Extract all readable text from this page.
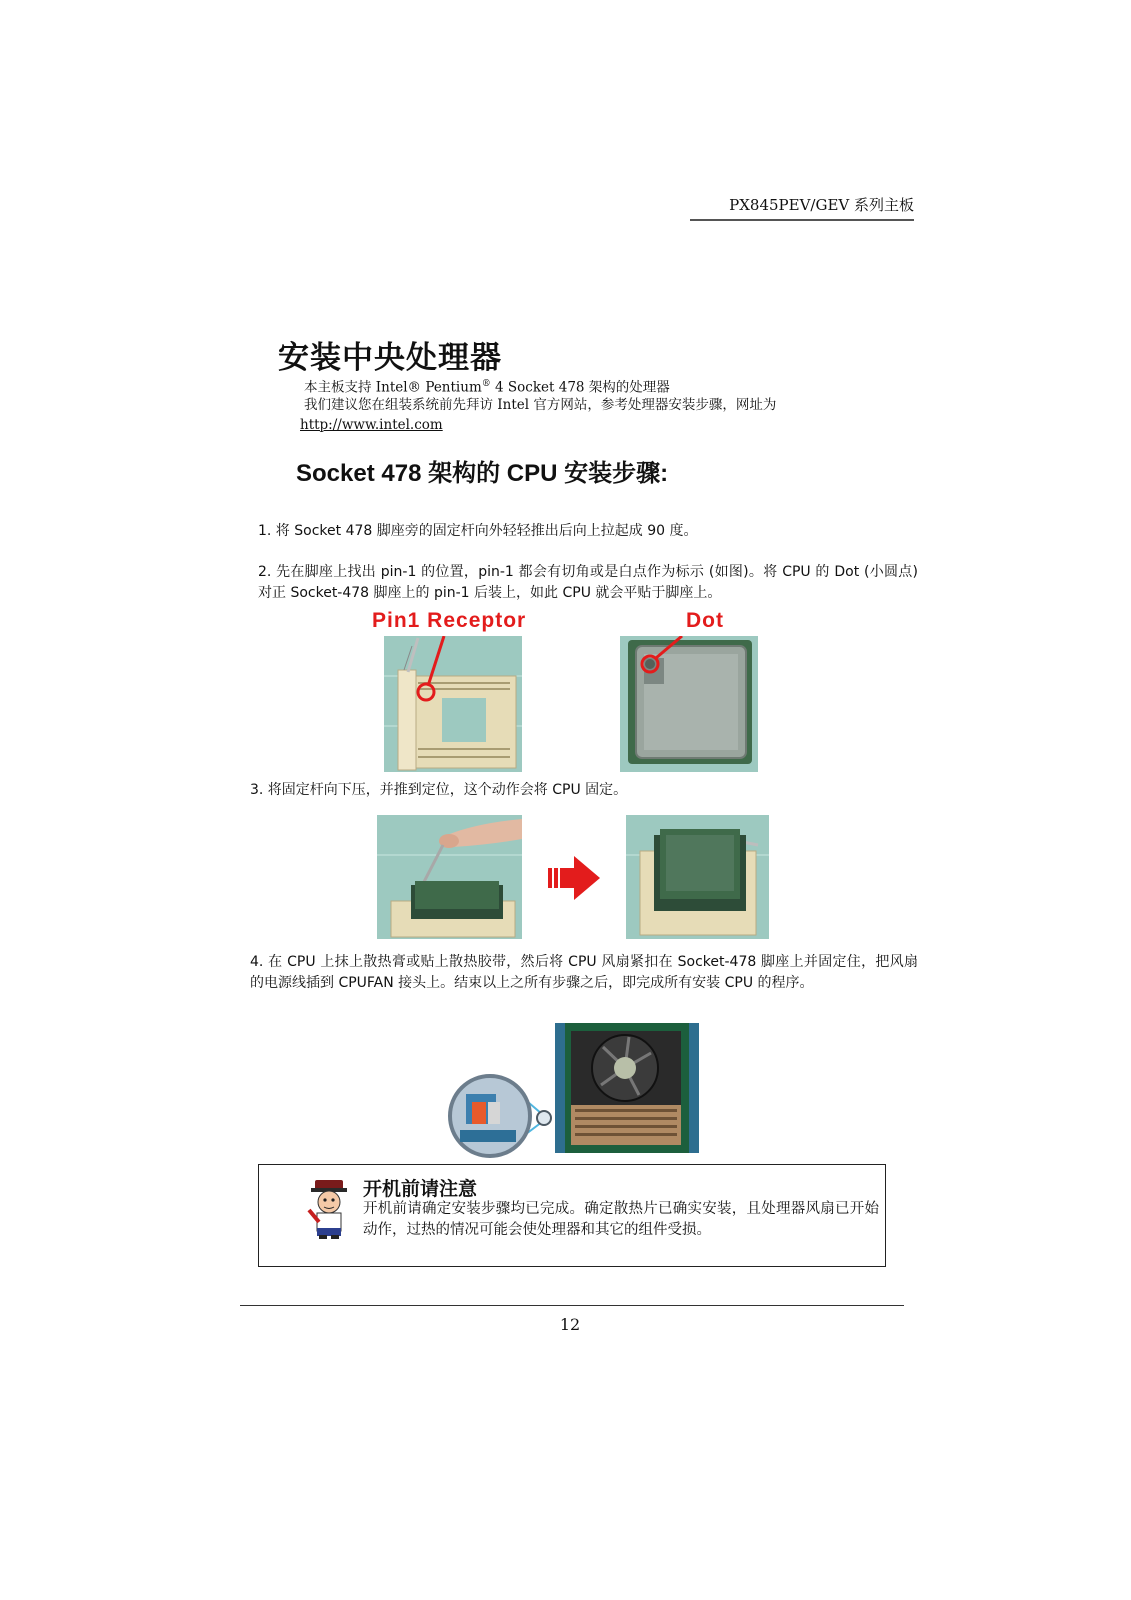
PX845PEV/GEV 系列主板
安装中央处理器
本主板支持 Intel® Pentium® 4 Socket 478 架构的处理器
我们建议您在组装系统前先拜访 Intel 官方网站，参考处理器安装步骤，网址为
http://www.intel.com
Socket 478 架构的 CPU 安装步骤:
1. 将 Socket 478 脚座旁的固定杆向外轻轻推出后向上拉起成 90 度。
2. 先在脚座上找出 pin-1 的位置，pin-1 都会有切角或是白点作为标示 (如图)。将 CPU 的 Dot (小圆点) 对正 Socket-478 脚座上的 pin-1 后装上，如此 CPU 就会平贴于脚座上。
Pin1 Receptor	Dot
3. 将固定杆向下压，并推到定位，这个动作会将 CPU 固定。
4. 在 CPU 上抹上散热膏或贴上散热胶带，然后将 CPU 风扇紧扣在 Socket-478 脚座上并固定住，把风扇的电源线插到 CPUFAN 接头上。结束以上之所有步骤之后，即完成所有安装 CPU 的程序。
开机前请注意
开机前请确定安装步骤均已完成。确定散热片已确实安装，且处理器风扇已开始动作，过热的情况可能会使处理器和其它的组件受损。
12
